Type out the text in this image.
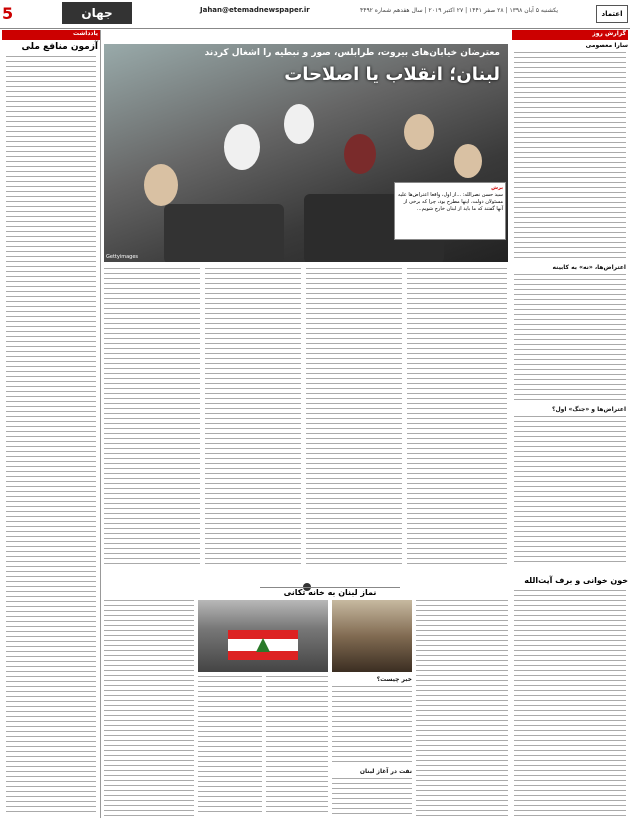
5	جهان	Jahan@etemadnewspaper.ir	یکشنبه ۵ آبان ۱۳۹۸ | ۲۸ صفر ۱۴۴۱ | ۲۷ اکتبر ۲۰۱۹ | سال هفدهم شماره ۴۴۹۲	اعتماد
یادداشت
آزمون منافع ملی
معترضان خیابان‌های بیروت، طرابلس، صور و نبطیه را اشغال کردند
لبنان؛ انقلاب یا اصلاحات
Gettyimages
برش
سید حسن نصرالله: ...از اول، واقعا اعتراض‌ها علیه مسئولان دولت، اینها مطرح بود، چرا که برخی از آنها گفتند که ما باید از لبنان خارج شویم...
گزارش روز
سارا معصومی
اعتراض‌ها، «نه» به کابینه
اعتراض‌ها و «جنگ» اول؟
خون خوانی و برف آیت‌الله
نماز لبنان به خانه تکانی
خبر چیست؟
نفت در آغاز لبنان
